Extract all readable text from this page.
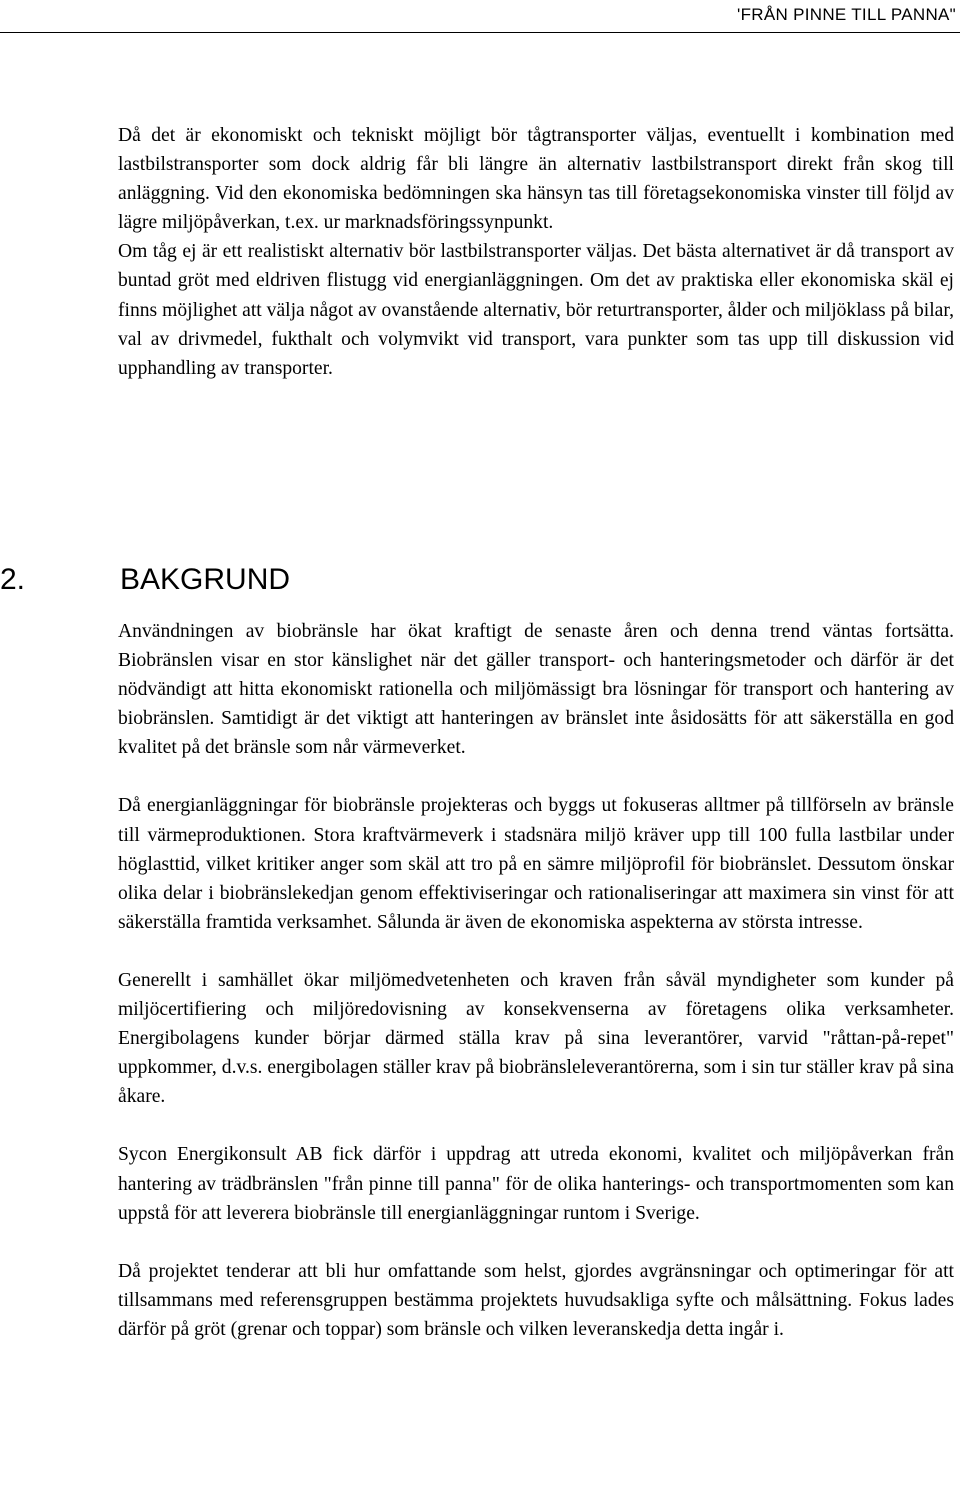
'FRÅN PINNE TILL PANNA"

Då det är ekonomiskt och tekniskt möjligt bör tågtransporter väljas, eventuellt i kombination med lastbilstransporter som dock aldrig får bli längre än alternativ lastbilstransport direkt från skog till anläggning. Vid den ekonomiska bedömningen ska hänsyn tas till företagsekonomiska vinster till följd av lägre miljöpåverkan, t.ex. ur marknadsföringssynpunkt.

Om tåg ej är ett realistiskt alternativ bör lastbilstransporter väljas. Det bästa alternativet är då transport av buntad gröt med eldriven flistugg vid energianläggningen. Om det av praktiska eller ekonomiska skäl ej finns möjlighet att välja något av ovanstående alternativ, bör returtransporter, ålder och miljöklass på bilar, val av drivmedel, fukthalt och volymvikt vid transport, vara punkter som tas upp till diskussion vid upphandling av transporter.

2.	BAKGRUND

Användningen av biobränsle har ökat kraftigt de senaste åren och denna trend väntas fortsätta. Biobränslen visar en stor känslighet när det gäller transport- och hanteringsmetoder och därför är det nödvändigt att hitta ekonomiskt rationella och miljömässigt bra lösningar för transport och hantering av biobränslen. Samtidigt är det viktigt att hanteringen av bränslet inte åsidosätts för att säkerställa en god kvalitet på det bränsle som når värmeverket.

Då energianläggningar för biobränsle projekteras och byggs ut fokuseras alltmer på tillförseln av bränsle till värmeproduktionen. Stora kraftvärmeverk i stadsnära miljö kräver upp till 100 fulla lastbilar under höglasttid, vilket kritiker anger som skäl att tro på en sämre miljöprofil för biobränslet. Dessutom önskar olika delar i biobränslekedjan genom effektiviseringar och rationaliseringar att maximera sin vinst för att säkerställa framtida verksamhet. Sålunda är även de ekonomiska aspekterna av största intresse.

Generellt i samhället ökar miljömedvetenheten och kraven från såväl myndigheter som kunder på miljöcertifiering och miljöredovisning av konsekvenserna av företagens olika verksamheter. Energibolagens kunder börjar därmed ställa krav på sina leverantörer, varvid "råttan-på-repet" uppkommer, d.v.s. energibolagen ställer krav på biobränsleleverantörerna, som i sin tur ställer krav på sina åkare.

Sycon Energikonsult AB fick därför i uppdrag att utreda ekonomi, kvalitet och miljöpåverkan från hantering av trädbränslen "från pinne till panna" för de olika hanterings- och transportmomenten som kan uppstå för att leverera biobränsle till energianläggningar runtom i Sverige.

Då projektet tenderar att bli hur omfattande som helst, gjordes avgränsningar och optimeringar för att tillsammans med referensgruppen bestämma projektets huvudsakliga syfte och målsättning. Fokus lades därför på gröt (grenar och toppar) som bränsle och vilken leveranskedja detta ingår i.
